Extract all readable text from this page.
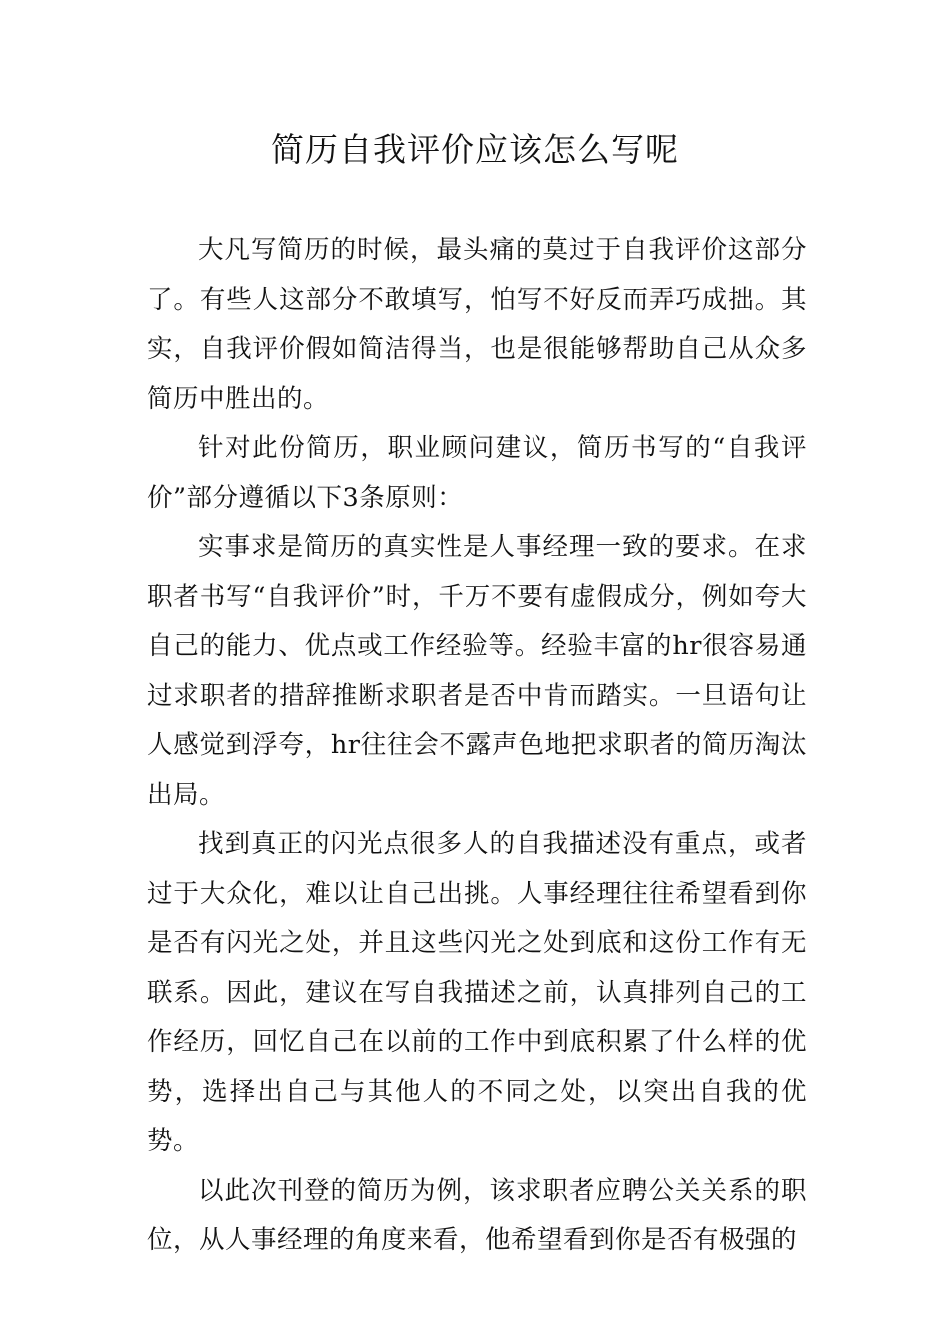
简历自我评价应该怎么写呢

大凡写简历的时候，最头痛的莫过于自我评价这部分了。有些人这部分不敢填写，怕写不好反而弄巧成拙。其实，自我评价假如简洁得当，也是很能够帮助自己从众多简历中胜出的。

针对此份简历，职业顾问建议，简历书写的“自我评价”部分遵循以下3条原则：

实事求是简历的真实性是人事经理一致的要求。在求职者书写“自我评价”时，千万不要有虚假成分，例如夸大自己的能力、优点或工作经验等。经验丰富的hr很容易通过求职者的措辞推断求职者是否中肯而踏实。一旦语句让人感觉到浮夸，hr往往会不露声色地把求职者的简历淘汰出局。

找到真正的闪光点很多人的自我描述没有重点，或者过于大众化，难以让自己出挑。人事经理往往希望看到你是否有闪光之处，并且这些闪光之处到底和这份工作有无联系。因此，建议在写自我描述之前，认真排列自己的工作经历，回忆自己在以前的工作中到底积累了什么样的优势，选择出自己与其他人的不同之处，以突出自我的优势。

以此次刊登的简历为例，该求职者应聘公关关系的职位，从人事经理的角度来看，他希望看到你是否有极强的
